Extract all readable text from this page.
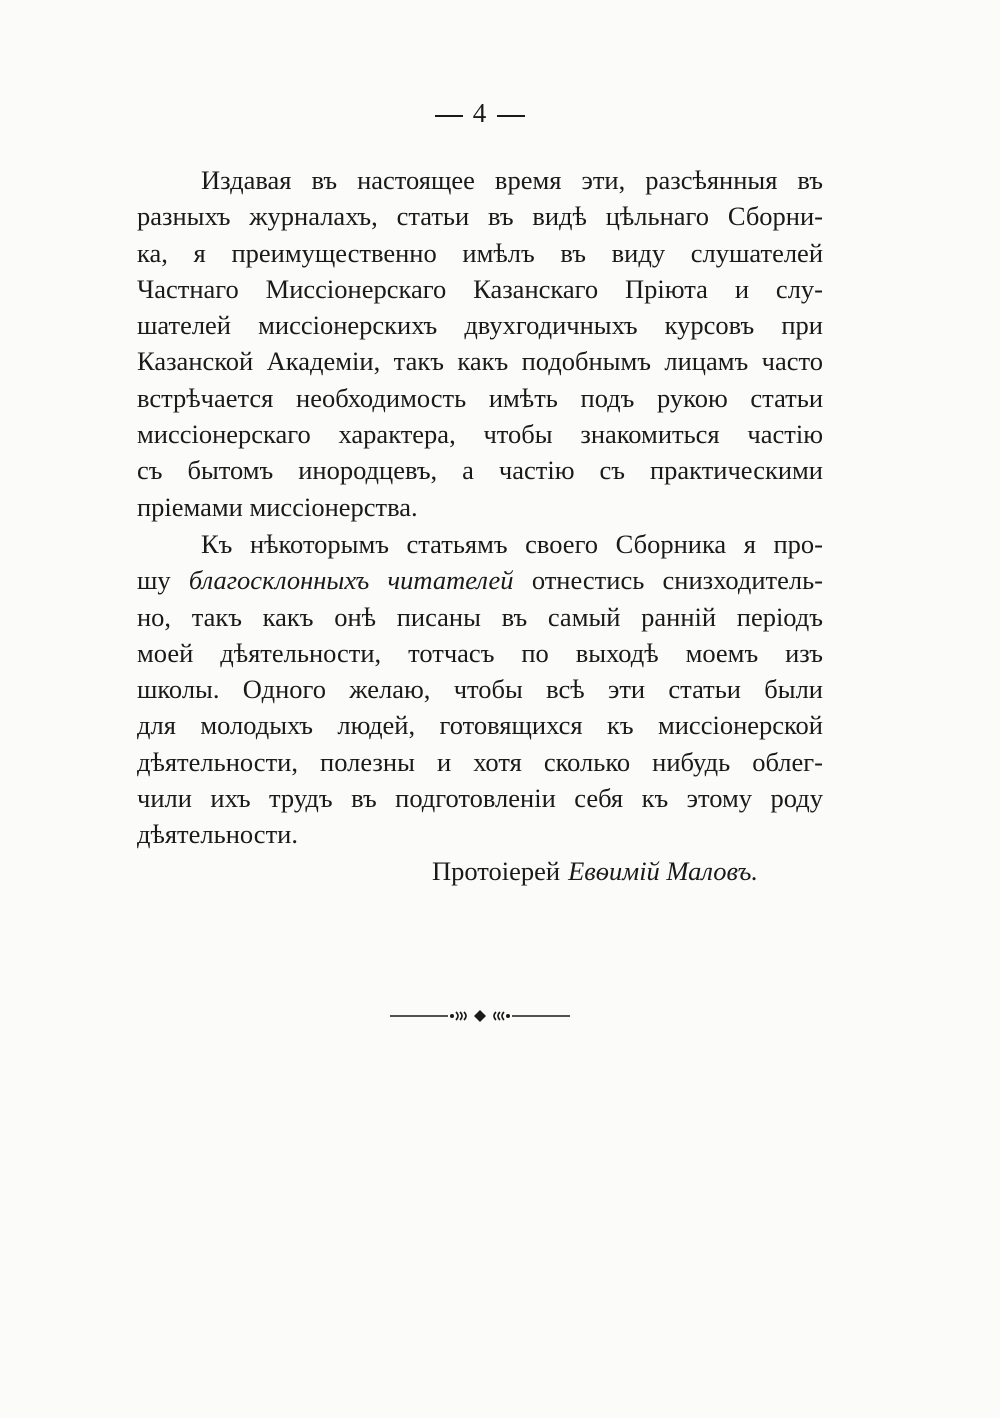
4
Издавая въ настоящее время эти, разсѣянныя въ
разныхъ журналахъ, статьи въ видѣ цѣльнаго Сборни-
ка, я преимущественно имѣлъ въ виду слушателей
Частнаго Миссіонерскаго Казанскаго Пріюта и слу-
шателей миссіонерскихъ двухгодичныхъ курсовъ при
Казанской Академіи, такъ какъ подобнымъ лицамъ часто
встрѣчается необходимость имѣть подъ рукою статьи
миссіонерскаго характера, чтобы знакомиться частію
съ бытомъ инородцевъ, а частію съ практическими
пріемами миссіонерства.
Къ нѣкоторымъ статьямъ своего Сборника я про-
шу благосклонныхъ читателей отнестись снизходитель-
но, такъ какъ онѣ писаны въ самый ранній періодъ
моей дѣятельности, тотчасъ по выходѣ моемъ изъ
школы. Одного желаю, чтобы всѣ эти статьи были
для молодыхъ людей, готовящихся къ миссіонерской
дѣятельности, полезны и хотя сколько нибудь облег-
чили ихъ трудъ въ подготовленіи себя къ этому роду
дѣятельности.
Протоіерей Евѳимій Маловъ.
